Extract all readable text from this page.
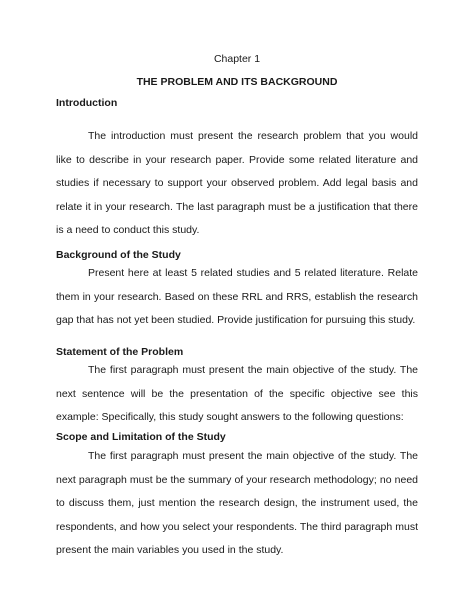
Chapter 1
THE PROBLEM AND ITS BACKGROUND
Introduction

The introduction must present the research problem that you would like to describe in your research paper. Provide some related literature and studies if necessary to support your observed problem. Add legal basis and relate it in your research. The last paragraph must be a justification that there is a need to conduct this study.

Background of the Study

Present here at least 5 related studies and 5 related literature. Relate them in your research. Based on these RRL and RRS, establish the research gap that has not yet been studied. Provide justification for pursuing this study.

Statement of the Problem

The first paragraph must present the main objective of the study. The next sentence will be the presentation of the specific objective see this example: Specifically, this study sought answers to the following questions:

Scope and Limitation of the Study

The first paragraph must present the main objective of the study. The next paragraph must be the summary of your research methodology; no need to discuss them, just mention the research design, the instrument used, the respondents, and how you select your respondents. The third paragraph must present the main variables you used in the study.
